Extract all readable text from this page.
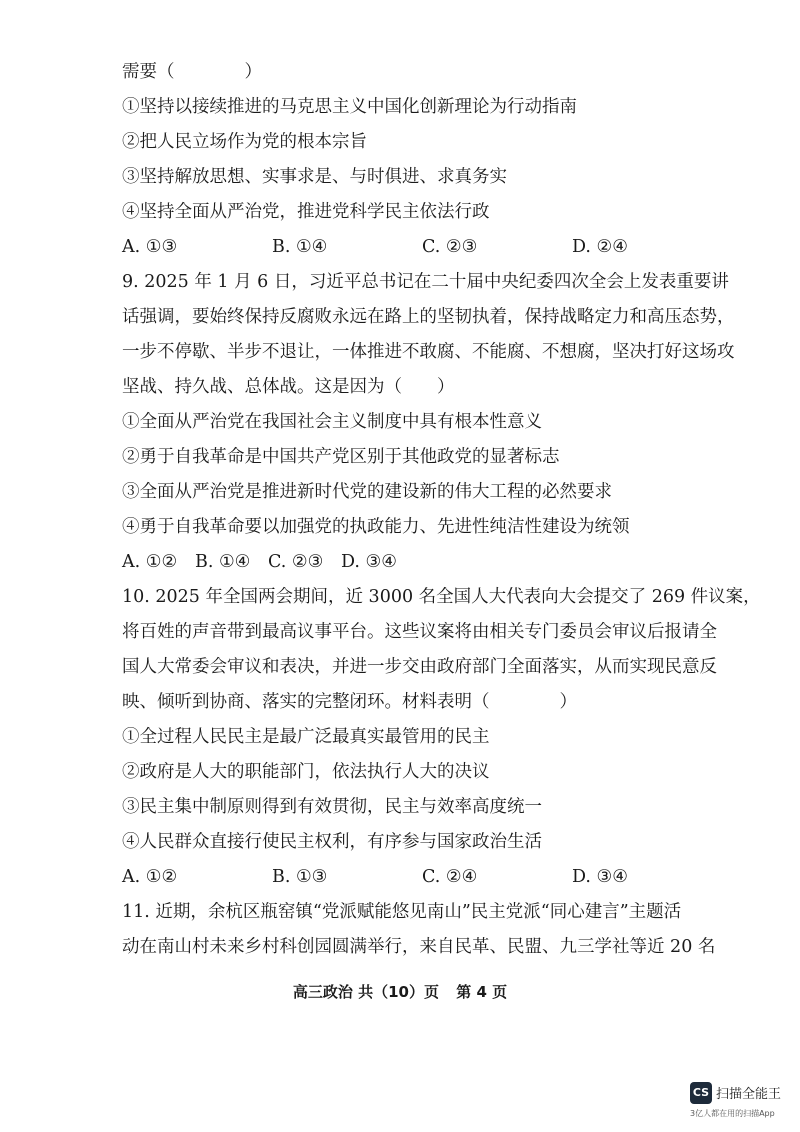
需要（　　　　）
①坚持以接续推进的马克思主义中国化创新理论为行动指南
②把人民立场作为党的根本宗旨
③坚持解放思想、实事求是、与时俱进、求真务实
④坚持全面从严治党，推进党科学民主依法行政
A. ①③	B. ①④	C. ②③	D. ②④
9. 2025 年 1 月 6 日，习近平总书记在二十届中央纪委四次全会上发表重要讲
话强调，要始终保持反腐败永远在路上的坚韧执着，保持战略定力和高压态势，
一步不停歇、半步不退让，一体推进不敢腐、不能腐、不想腐，坚决打好这场攻
坚战、持久战、总体战。这是因为（　　）
①全面从严治党在我国社会主义制度中具有根本性意义
②勇于自我革命是中国共产党区别于其他政党的显著标志
③全面从严治党是推进新时代党的建设新的伟大工程的必然要求
④勇于自我革命要以加强党的执政能力、先进性纯洁性建设为统领
A. ①②	B. ①④	C. ②③	D. ③④
10. 2025 年全国两会期间，近 3000 名全国人大代表向大会提交了 269 件议案，
将百姓的声音带到最高议事平台。这些议案将由相关专门委员会审议后报请全
国人大常委会审议和表决，并进一步交由政府部门全面落实，从而实现民意反
映、倾听到协商、落实的完整闭环。材料表明（　　　　）
①全过程人民民主是最广泛最真实最管用的民主
②政府是人大的职能部门，依法执行人大的决议
③民主集中制原则得到有效贯彻，民主与效率高度统一
④人民群众直接行使民主权利，有序参与国家政治生活
A. ①②	B. ①③	C. ②④	D. ③④
11. 近期，余杭区瓶窑镇“党派赋能悠见南山”民主党派“同心建言”主题活
动在南山村未来乡村科创园圆满举行，来自民革、民盟、九三学社等近 20 名
高三政治 共（10）页 第 4 页
CS 扫描全能王
3亿人都在用的扫描App
